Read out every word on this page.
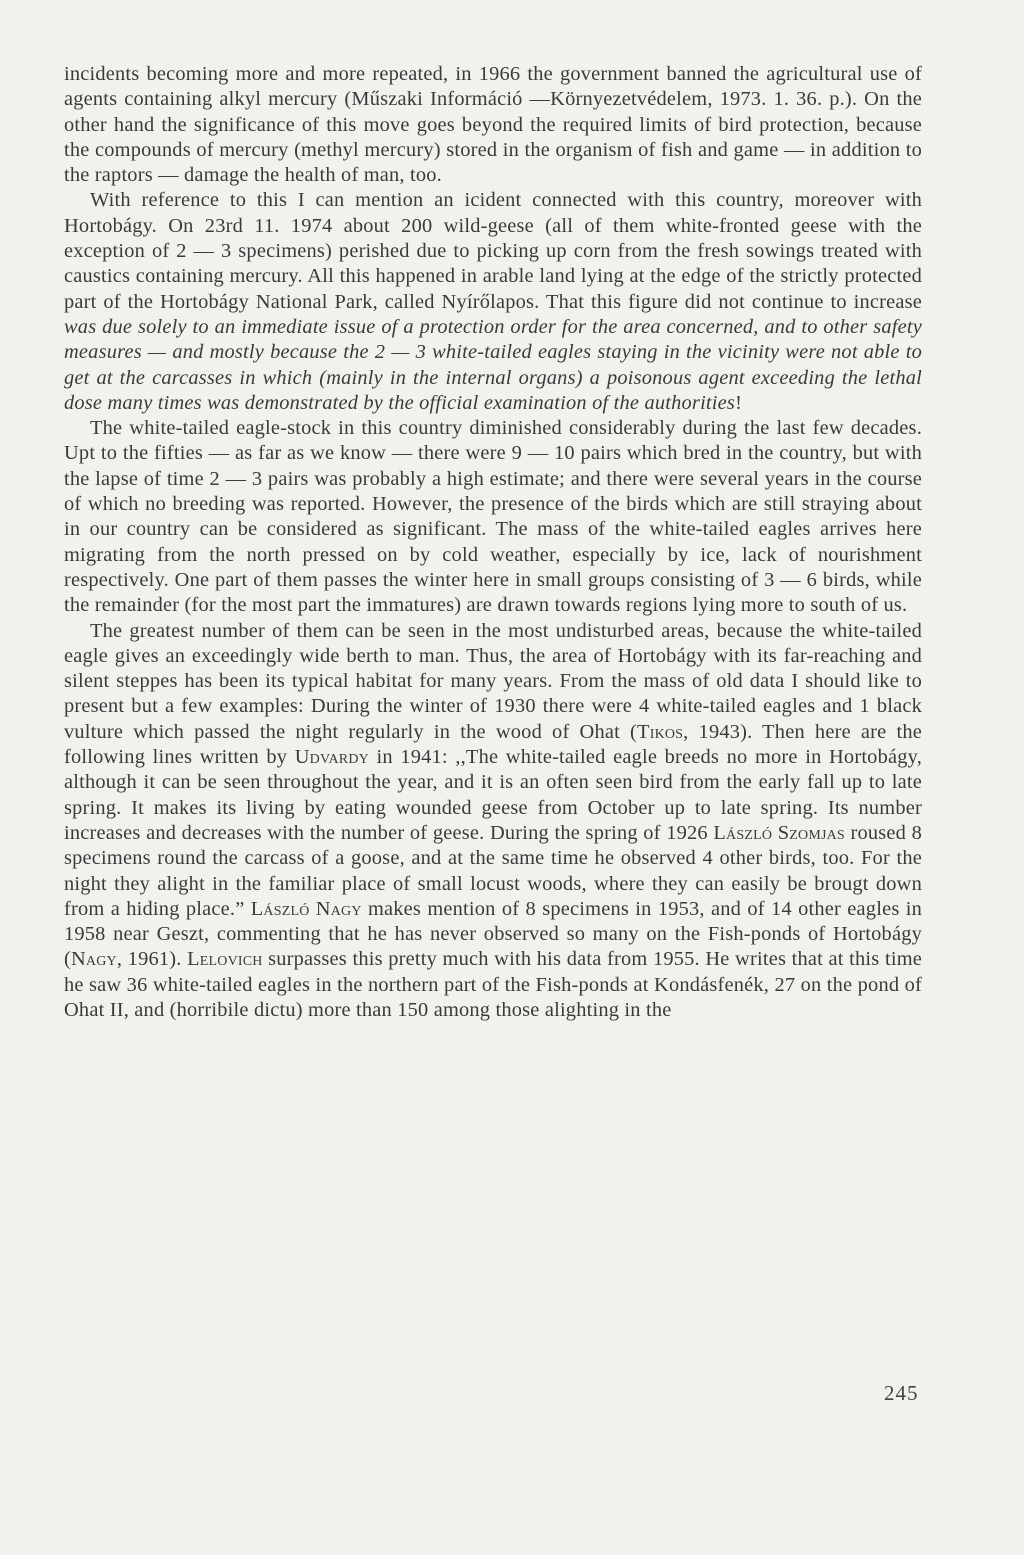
incidents becoming more and more repeated, in 1966 the government banned the agricultural use of agents containing alkyl mercury (Műszaki Információ —Környezetvédelem, 1973. 1. 36. p.). On the other hand the significance of this move goes beyond the required limits of bird protection, because the compounds of mercury (methyl mercury) stored in the organism of fish and game — in addition to the raptors — damage the health of man, too.

With reference to this I can mention an icident connected with this country, moreover with Hortobágy. On 23rd 11. 1974 about 200 wild-geese (all of them white-fronted geese with the exception of 2 — 3 specimens) perished due to picking up corn from the fresh sowings treated with caustics containing mercury. All this happened in arable land lying at the edge of the strictly protected part of the Hortobágy National Park, called Nyírőlapos. That this figure did not continue to increase was due solely to an immediate issue of a protection order for the area concerned, and to other safety measures — and mostly because the 2 — 3 white-tailed eagles staying in the vicinity were not able to get at the carcasses in which (mainly in the internal organs) a poisonous agent exceeding the lethal dose many times was demonstrated by the official examination of the authorities!

The white-tailed eagle-stock in this country diminished considerably during the last few decades. Upt to the fifties — as far as we know — there were 9 — 10 pairs which bred in the country, but with the lapse of time 2 — 3 pairs was probably a high estimate; and there were several years in the course of which no breeding was reported. However, the presence of the birds which are still straying about in our country can be considered as significant. The mass of the white-tailed eagles arrives here migrating from the north pressed on by cold weather, especially by ice, lack of nourishment respectively. One part of them passes the winter here in small groups consisting of 3 — 6 birds, while the remainder (for the most part the immatures) are drawn towards regions lying more to south of us.

The greatest number of them can be seen in the most undisturbed areas, because the white-tailed eagle gives an exceedingly wide berth to man. Thus, the area of Hortobágy with its far-reaching and silent steppes has been its typical habitat for many years. From the mass of old data I should like to present but a few examples: During the winter of 1930 there were 4 white-tailed eagles and 1 black vulture which passed the night regularly in the wood of Ohat (Tikos, 1943). Then here are the following lines written by Udvardy in 1941: ,,The white-tailed eagle breeds no more in Hortobágy, although it can be seen throughout the year, and it is an often seen bird from the early fall up to late spring. It makes its living by eating wounded geese from October up to late spring. Its number increases and decreases with the number of geese. During the spring of 1926 László Szomjas roused 8 specimens round the carcass of a goose, and at the same time he observed 4 other birds, too. For the night they alight in the familiar place of small locust woods, where they can easily be brougt down from a hiding place.” László Nagy makes mention of 8 specimens in 1953, and of 14 other eagles in 1958 near Geszt, commenting that he has never observed so many on the Fish-ponds of Hortobágy (Nagy, 1961). Lelovich surpasses this pretty much with his data from 1955. He writes that at this time he saw 36 white-tailed eagles in the northern part of the Fish-ponds at Kondásfenék, 27 on the pond of Ohat II, and (horribile dictu) more than 150 among those alighting in the

245
